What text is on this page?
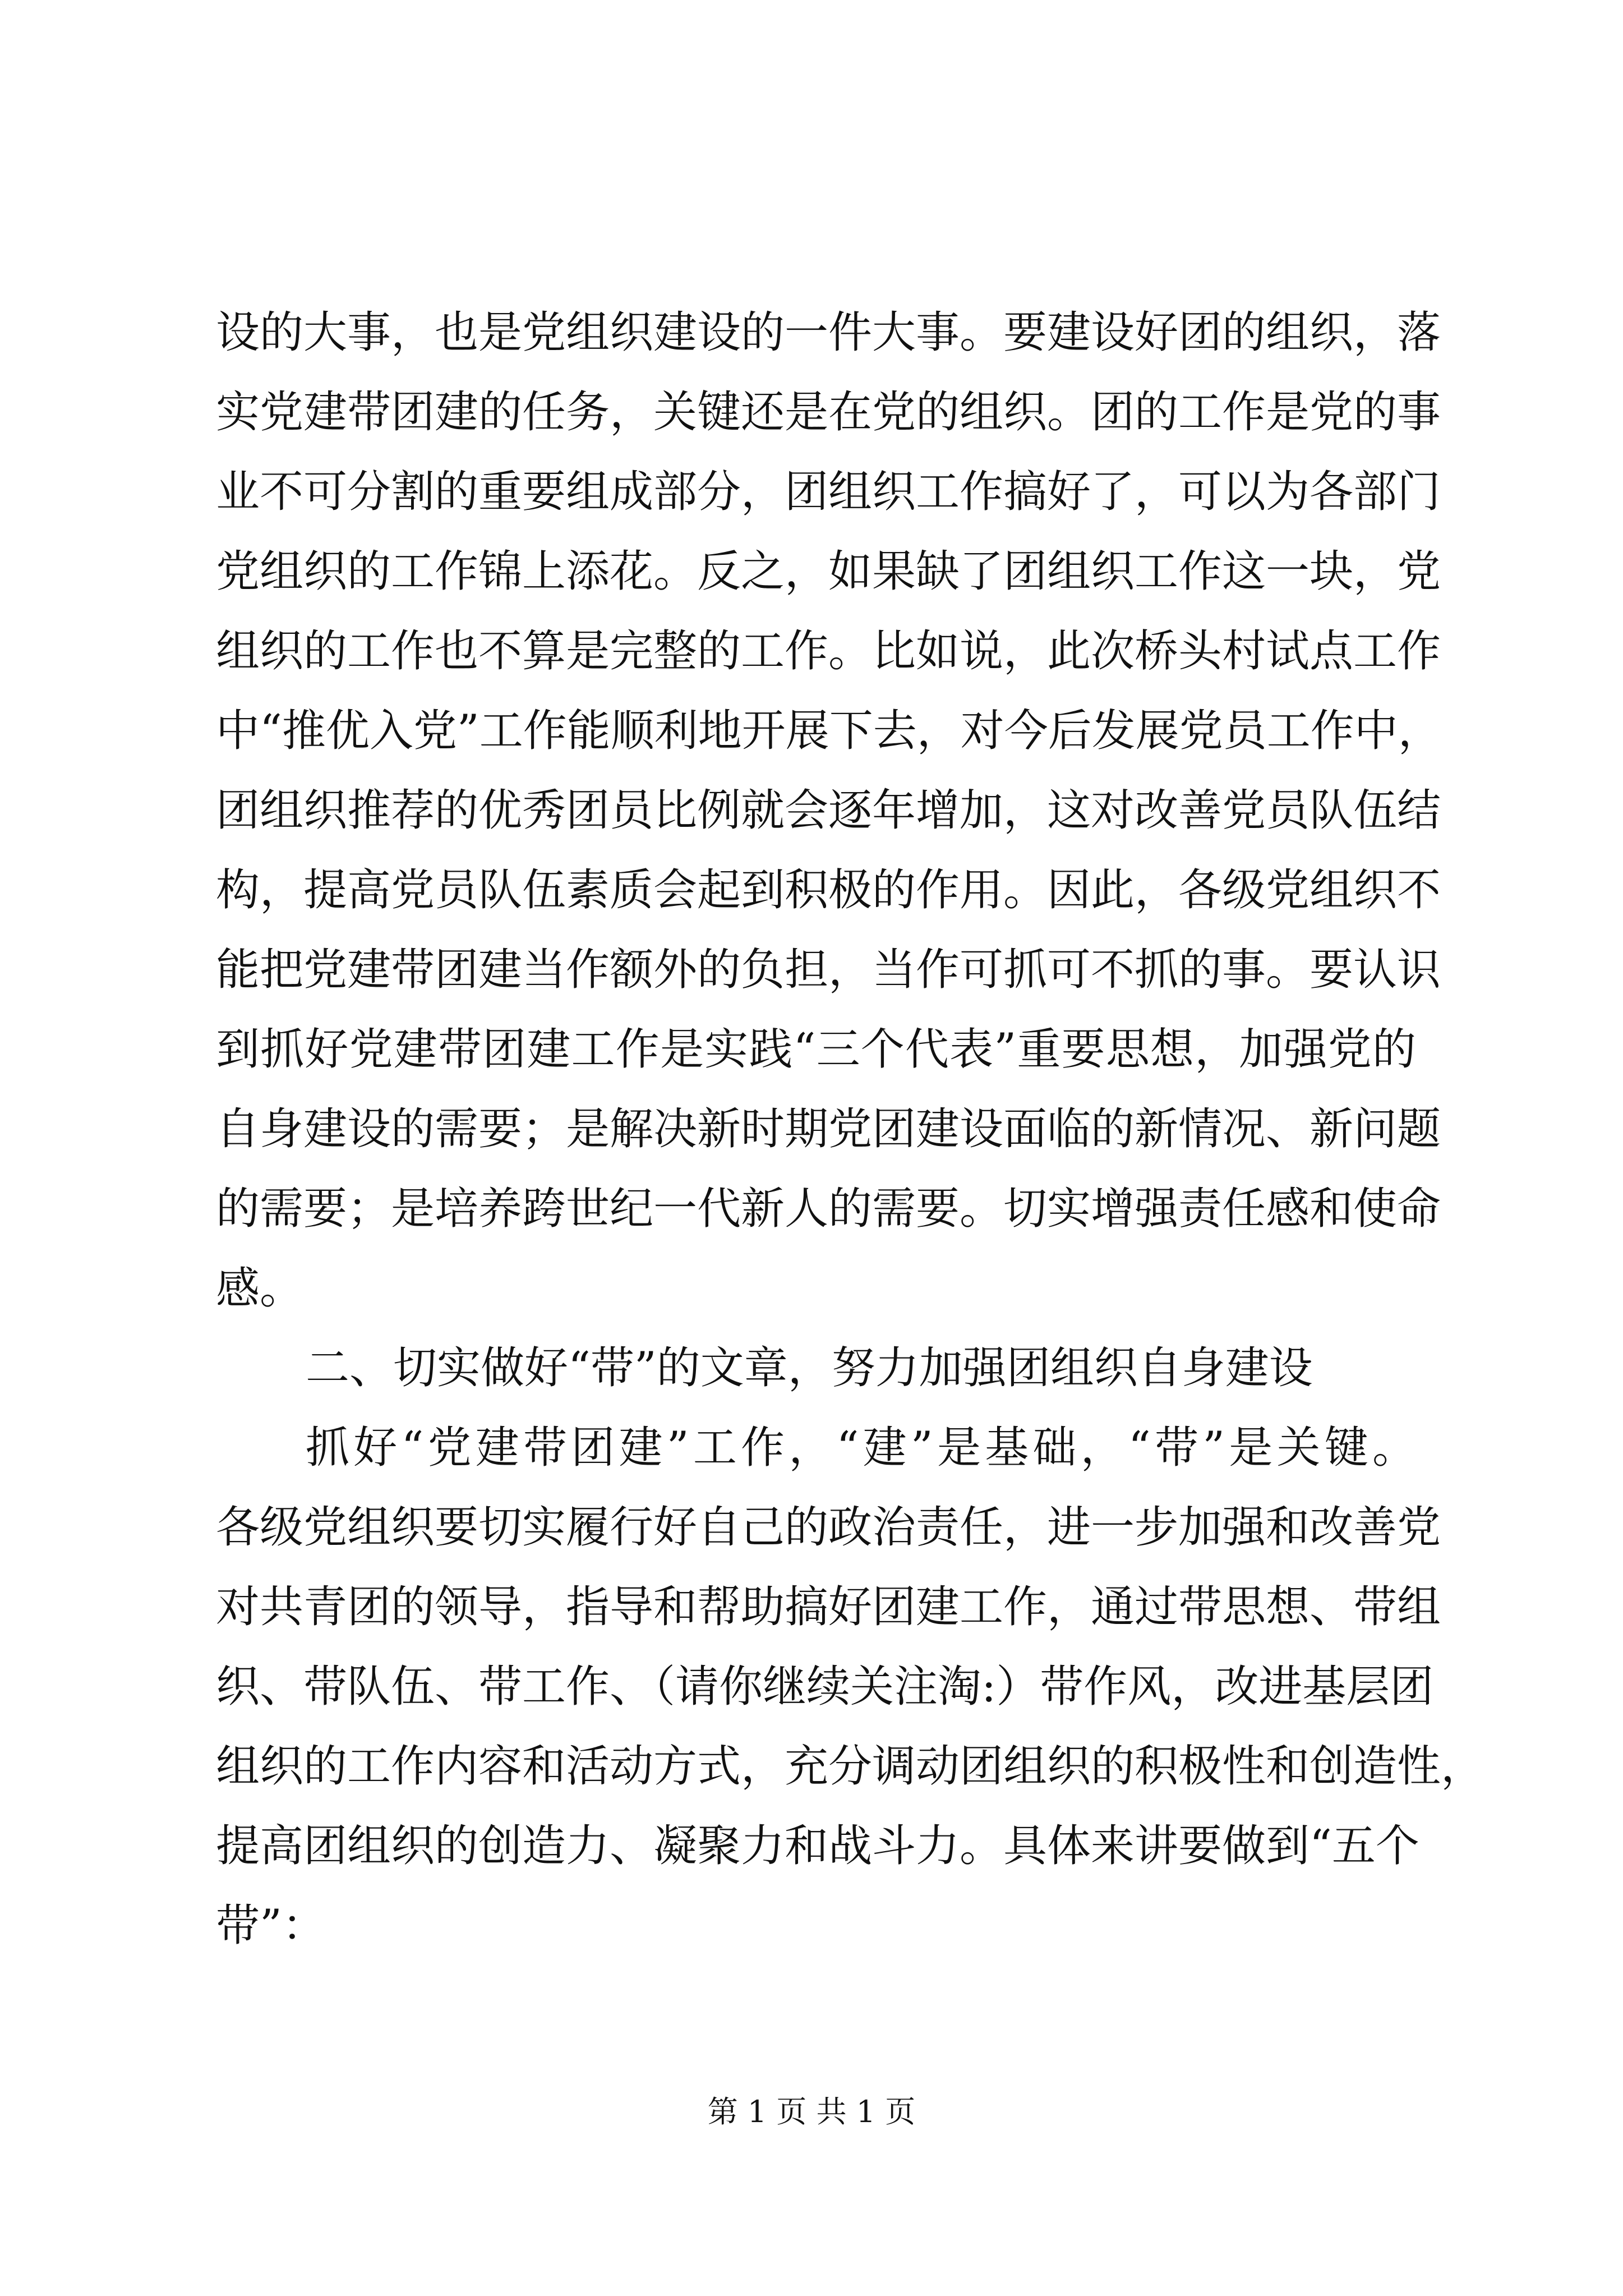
设的大事，也是党组织建设的一件大事。要建设好团的组织，落
实党建带团建的任务，关键还是在党的组织。团的工作是党的事
业不可分割的重要组成部分，团组织工作搞好了，可以为各部门
党组织的工作锦上添花。反之，如果缺了团组织工作这一块，党
组织的工作也不算是完整的工作。比如说，此次桥头村试点工作
中“推优入党”工作能顺利地开展下去，对今后发展党员工作中，
团组织推荐的优秀团员比例就会逐年增加，这对改善党员队伍结
构，提高党员队伍素质会起到积极的作用。因此，各级党组织不
能把党建带团建当作额外的负担，当作可抓可不抓的事。要认识
到抓好党建带团建工作是实践“三个代表”重要思想，加强党的
自身建设的需要；是解决新时期党团建设面临的新情况、新问题
的需要；是培养跨世纪一代新人的需要。切实增强责任感和使命
感。
二、切实做好“带”的文章，努力加强团组织自身建设
抓好“党建带团建”工作，“建”是基础，“带”是关键。
各级党组织要切实履行好自己的政治责任，进一步加强和改善党
对共青团的领导，指导和帮助搞好团建工作，通过带思想、带组
织、带队伍、带工作、（请你继续关注淘:）带作风，改进基层团
组织的工作内容和活动方式，充分调动团组织的积极性和创造性，
提高团组织的创造力、凝聚力和战斗力。具体来讲要做到“五个
带”：
第 1 页 共 1 页
